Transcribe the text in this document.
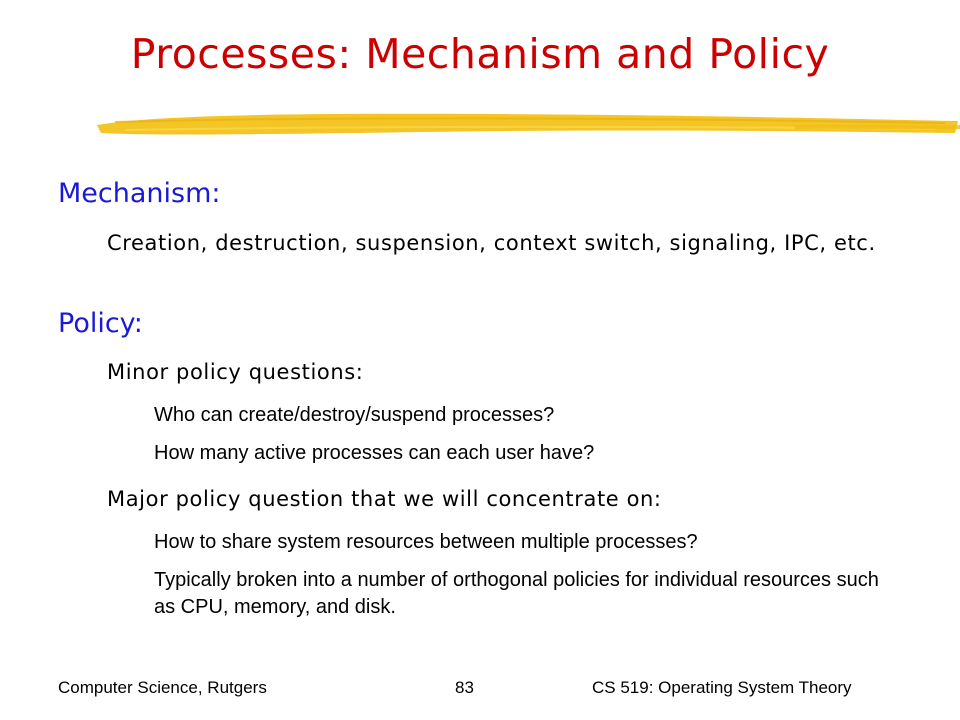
Processes: Mechanism and Policy
Mechanism:
Creation, destruction, suspension, context switch, signaling, IPC, etc.
Policy:
Minor policy questions:
Who can create/destroy/suspend processes?
How many active processes can each user have?
Major policy question that we will concentrate on:
How to share system resources between multiple processes?
Typically broken into a number of orthogonal policies for individual resources such as CPU, memory, and disk.
Computer Science, Rutgers	83	CS 519: Operating System Theory
